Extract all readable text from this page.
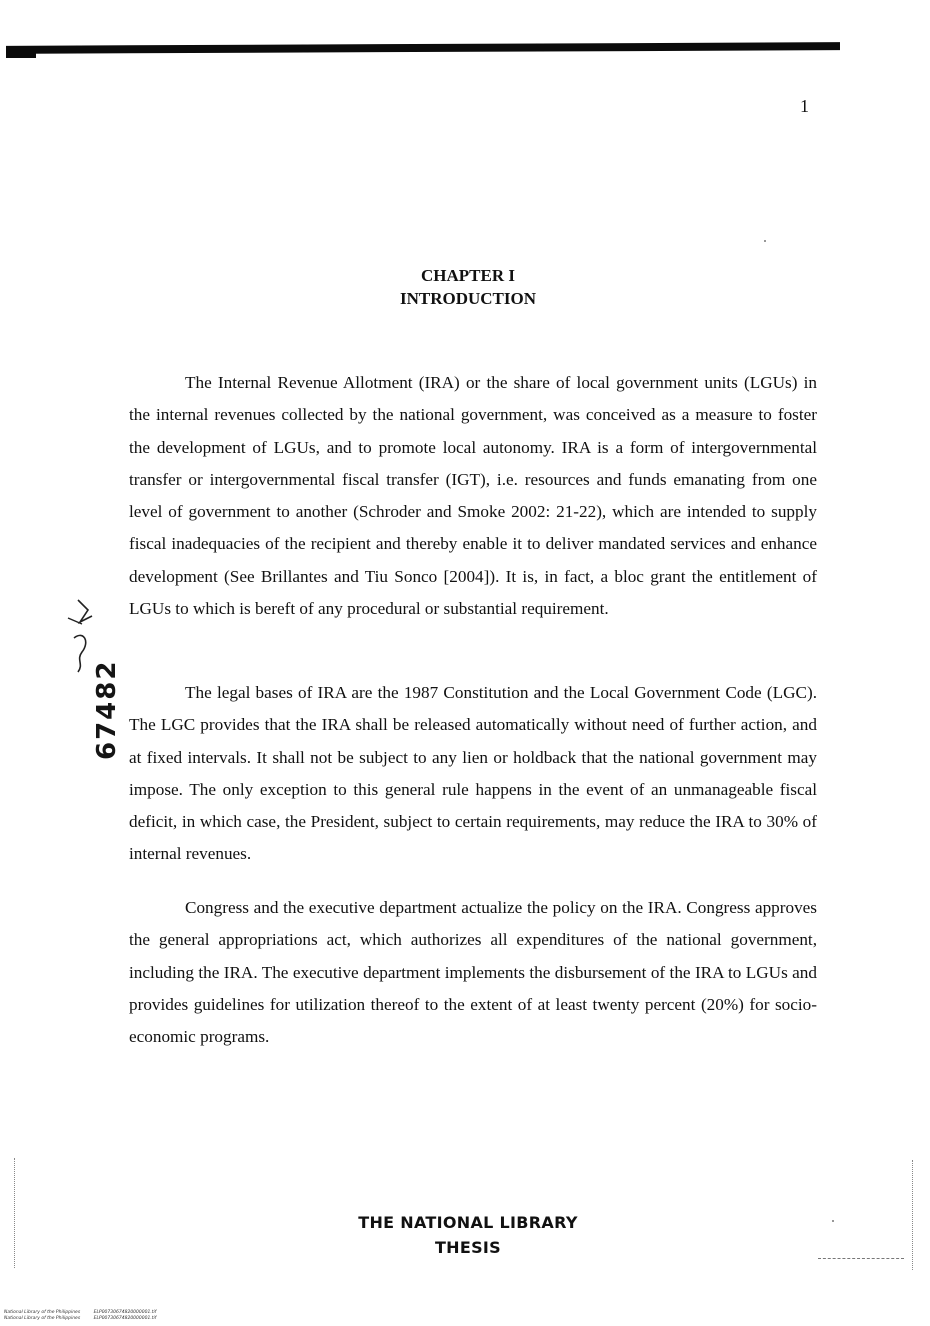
1
CHAPTER I
INTRODUCTION

The Internal Revenue Allotment (IRA) or the share of local government units (LGUs) in the internal revenues collected by the national government, was conceived as a measure to foster the development of LGUs, and to promote local autonomy. IRA is a form of intergovernmental transfer or intergovernmental fiscal transfer (IGT), i.e. resources and funds emanating from one level of government to another (Schroder and Smoke 2002: 21-22), which are intended to supply fiscal inadequacies of the recipient and thereby enable it to deliver mandated services and enhance development (See Brillantes and Tiu Sonco [2004]). It is, in fact, a bloc grant the entitlement of LGUs to which is bereft of any procedural or substantial requirement.

The legal bases of IRA are the 1987 Constitution and the Local Government Code (LGC). The LGC provides that the IRA shall be released automatically without need of further action, and at fixed intervals. It shall not be subject to any lien or holdback that the national government may impose. The only exception to this general rule happens in the event of an unmanageable fiscal deficit, in which case, the President, subject to certain requirements, may reduce the IRA to 30% of internal revenues.

Congress and the executive department actualize the policy on the IRA. Congress approves the general appropriations act, which authorizes all expenditures of the national government, including the IRA. The executive department implements the disbursement of the IRA to LGUs and provides guidelines for utilization thereof to the extent of at least twenty percent (20%) for socio-economic programs.

67482
THE NATIONAL LIBRARY
THESIS
National Library of the Philippines	ELP00730674820000001.tif
National Library of the Philippines	ELP00730674820000001.tif
